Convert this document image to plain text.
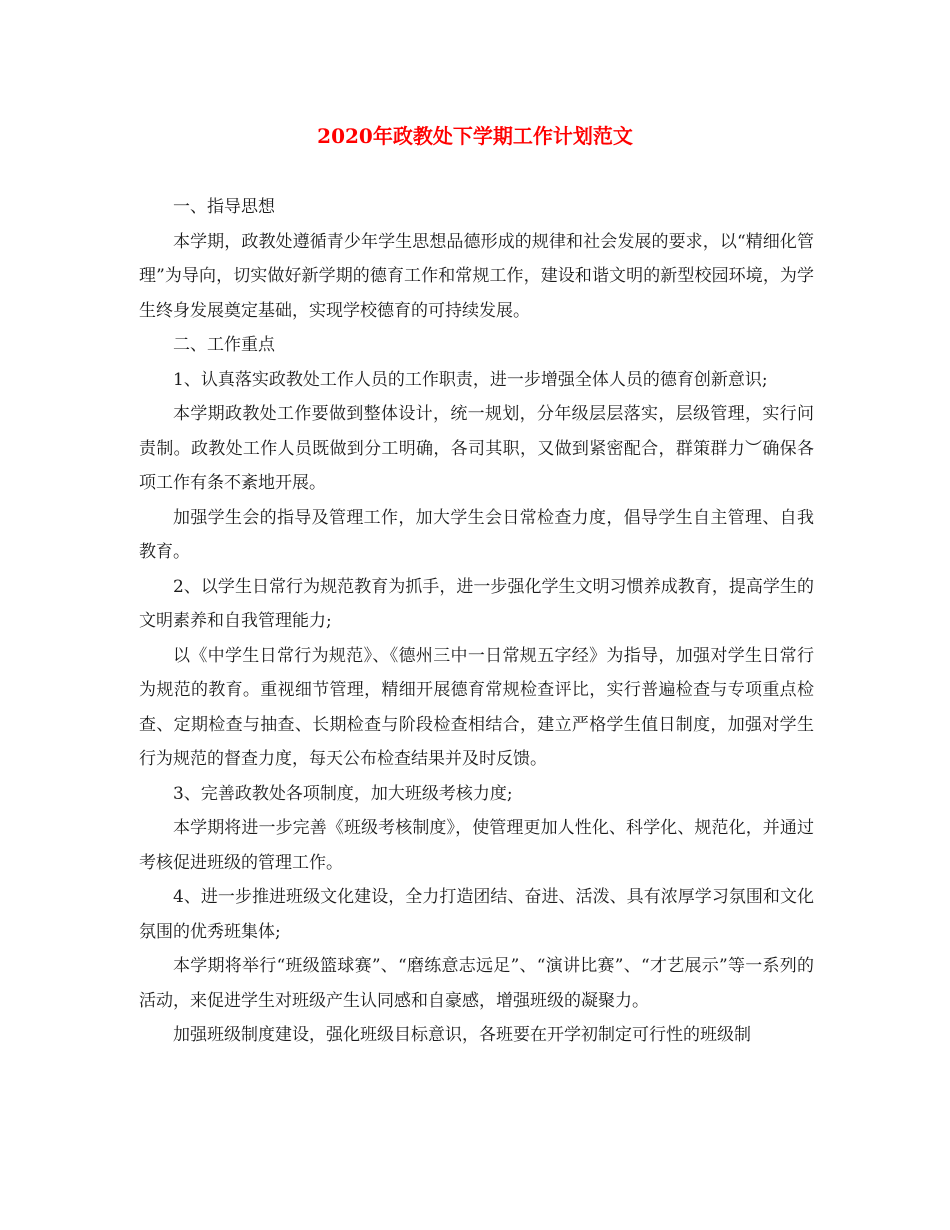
2020年政教处下学期工作计划范文

一、指导思想

本学期，政教处遵循青少年学生思想品德形成的规律和社会发展的要求，以“精细化管理”为导向，切实做好新学期的德育工作和常规工作，建设和谐文明的新型校园环境，为学生终身发展奠定基础，实现学校德育的可持续发展。

二、工作重点

1、认真落实政教处工作人员的工作职责，进一步增强全体人员的德育创新意识;

本学期政教处工作要做到整体设计，统一规划，分年级层层落实，层级管理，实行问责制。政教处工作人员既做到分工明确，各司其职，又做到紧密配合，群策群力︶确保各项工作有条不紊地开展。

加强学生会的指导及管理工作，加大学生会日常检查力度，倡导学生自主管理、自我教育。

2、以学生日常行为规范教育为抓手，进一步强化学生文明习惯养成教育，提高学生的文明素养和自我管理能力;

以《中学生日常行为规范》、《德州三中一日常规五字经》为指导，加强对学生日常行为规范的教育。重视细节管理，精细开展德育常规检查评比，实行普遍检查与专项重点检查、定期检查与抽查、长期检查与阶段检查相结合，建立严格学生值日制度，加强对学生行为规范的督查力度，每天公布检查结果并及时反馈。

3、完善政教处各项制度，加大班级考核力度;

本学期将进一步完善《班级考核制度》，使管理更加人性化、科学化、规范化，并通过考核促进班级的管理工作。

4、进一步推进班级文化建设，全力打造团结、奋进、活泼、具有浓厚学习氛围和文化氛围的优秀班集体;

本学期将举行“班级篮球赛”、“磨练意志远足”、“演讲比赛”、“才艺展示”等一系列的活动，来促进学生对班级产生认同感和自豪感，增强班级的凝聚力。

加强班级制度建设，强化班级目标意识，各班要在开学初制定可行性的班级制
